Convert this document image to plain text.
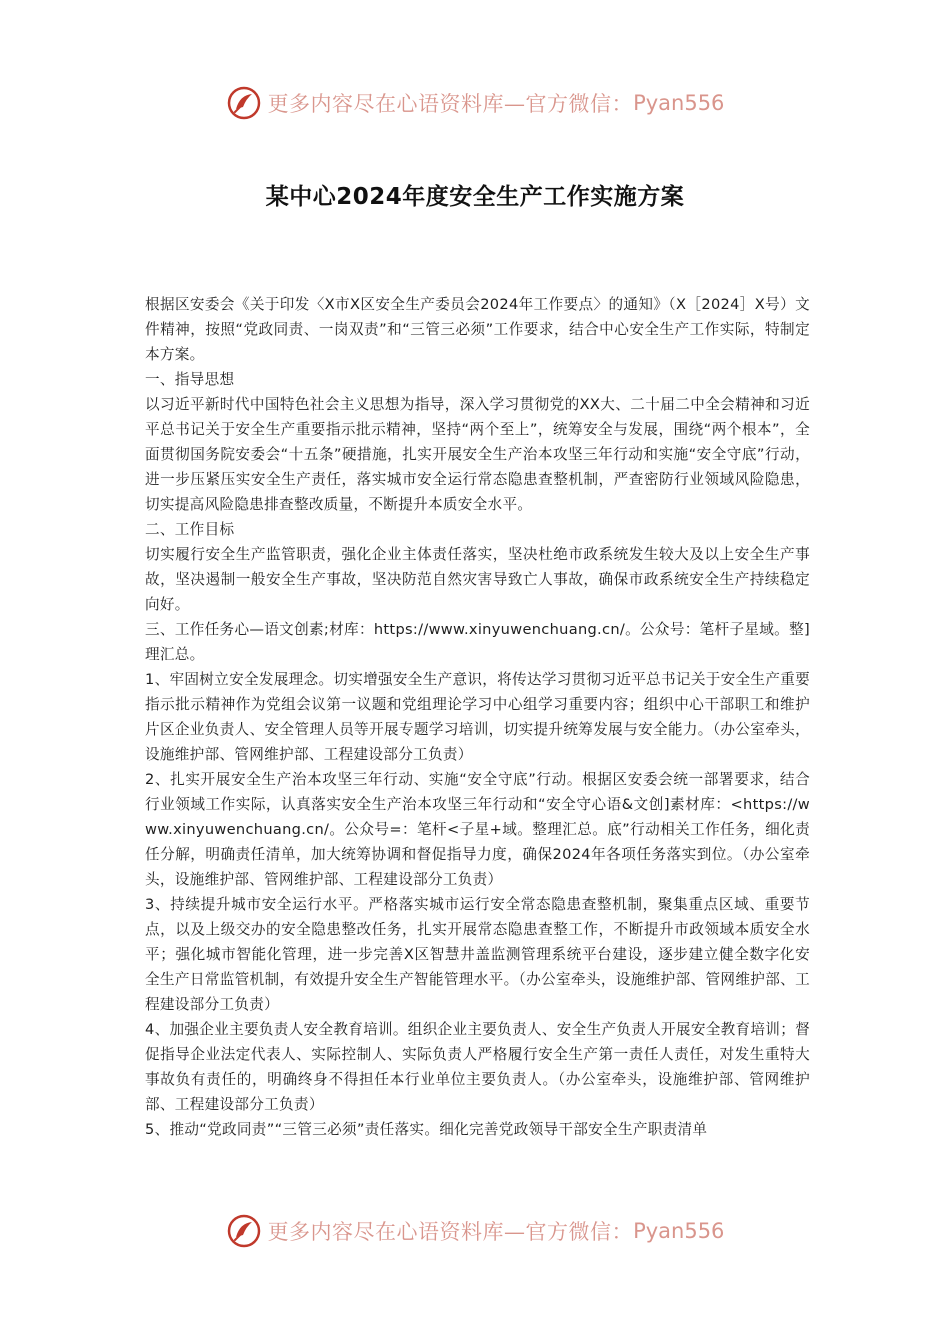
更多内容尽在心语资料库—官方微信： Pyan556
某中心2024年度安全生产工作实施方案

根据区安委会《关于印发〈X市X区安全生产委员会2024年工作要点〉的通知》（X［2024］X号）文件精神，按照“党政同责、一岗双责”和“三管三必须”工作要求，结合中心安全生产工作实际，特制定本方案。

一、指导思想

以习近平新时代中国特色社会主义思想为指导，深入学习贯彻党的XX大、二十届二中全会精神和习近平总书记关于安全生产重要指示批示精神，坚持“两个至上”，统筹安全与发展，围绕“两个根本”，全面贯彻国务院安委会“十五条”硬措施，扎实开展安全生产治本攻坚三年行动和实施“安全守底”行动，进一步压紧压实安全生产责任，落实城市安全运行常态隐患查整机制，严查密防行业领域风险隐患，切实提高风险隐患排查整改质量，不断提升本质安全水平。

二、工作目标

切实履行安全生产监管职责，强化企业主体责任落实，坚决杜绝市政系统发生较大及以上安全生产事故，坚决遏制一般安全生产事故，坚决防范自然灾害导致亡人事故，确保市政系统安全生产持续稳定向好。

三、工作任务心—语文创素;材库：https://www.xinyuwenchuang.cn/。公众号：笔杆子星域。整]理汇总。

1、牢固树立安全发展理念。切实增强安全生产意识，将传达学习贯彻习近平总书记关于安全生产重要指示批示精神作为党组会议第一议题和党组理论学习中心组学习重要内容；组织中心干部职工和维护片区企业负责人、安全管理人员等开展专题学习培训，切实提升统筹发展与安全能力。（办公室牵头，设施维护部、管网维护部、工程建设部分工负责）

2、扎实开展安全生产治本攻坚三年行动、实施“安全守底”行动。根据区安委会统一部署要求，结合行业领域工作实际，认真落实安全生产治本攻坚三年行动和“安全守心语&文创]素材库：<https://www.xinyuwenchuang.cn/。公众号=：笔杆<子星+域。整理汇总。底”行动相关工作任务，细化责任分解，明确责任清单，加大统筹协调和督促指导力度，确保2024年各项任务落实到位。（办公室牵头，设施维护部、管网维护部、工程建设部分工负责）

3、持续提升城市安全运行水平。严格落实城市运行安全常态隐患查整机制，聚集重点区域、重要节点，以及上级交办的安全隐患整改任务，扎实开展常态隐患查整工作，不断提升市政领域本质安全水平；强化城市智能化管理，进一步完善X区智慧井盖监测管理系统平台建设，逐步建立健全数字化安全生产日常监管机制，有效提升安全生产智能管理水平。（办公室牵头，设施维护部、管网维护部、工程建设部分工负责）

4、加强企业主要负责人安全教育培训。组织企业主要负责人、安全生产负责人开展安全教育培训；督促指导企业法定代表人、实际控制人、实际负责人严格履行安全生产第一责任人责任，对发生重特大事故负有责任的，明确终身不得担任本行业单位主要负责人。（办公室牵头，设施维护部、管网维护部、工程建设部分工负责）

5、推动“党政同责”“三管三必须”责任落实。细化完善党政领导干部安全生产职责清单

更多内容尽在心语资料库—官方微信： Pyan556
